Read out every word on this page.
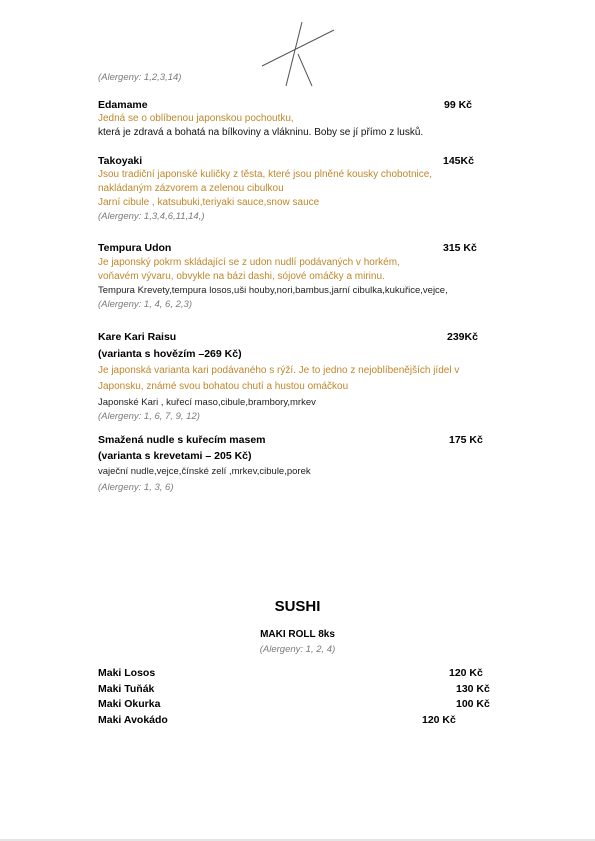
(Alergeny: 1,2,3,14)
Edamame	99 Kč
Jedná se o oblíbenou japonskou pochoutku,
která je zdravá a bohatá na bílkoviny a vlákninu. Boby se jí přímo z lusků.
Takoyaki	145Kč
Jsou tradiční japonské kuličky z těsta, které jsou plněné kousky chobotnice,
nakládaným zázvorem a zelenou cibulkou
Jarní cibule , katsubuki,teriyaki sauce,snow sauce
(Alergeny: 1,3,4,6,11,14,)
Tempura Udon	315 Kč
Je japonský pokrm skládající se z udon nudlí podávaných v horkém,
voňavém vývaru, obvykle na bázi dashi, sójové omáčky a mirinu.
Tempura Krevety,tempura losos,uši houby,nori,bambus,jarní cibulka,kukuřice,vejce,
(Alergeny: 1, 4, 6, 2,3)
Kare Kari Raisu	239Kč
(varianta s hovězím –269 Kč)
Je japonská varianta kari podávaného s rýží. Je to jedno z nejoblíbenějších jídel v
Japonsku, známé svou bohatou chutí a hustou omáčkou
Japonské Kari , kuřecí maso,cibule,brambory,mrkev
(Alergeny: 1, 6, 7, 9, 12)
Smažená nudle s kuřecím masem	175 Kč
(varianta s krevetami – 205 Kč)
vaječní nudle,vejce,čínské zelí ,mrkev,cibule,porek
(Alergeny: 1, 3, 6)
SUSHI
MAKI ROLL 8ks
(Alergeny: 1, 2, 4)
Maki Losos	120 Kč
Maki Tuňák	130 Kč
Maki Okurka	100 Kč
Maki Avokádo	120 Kč
